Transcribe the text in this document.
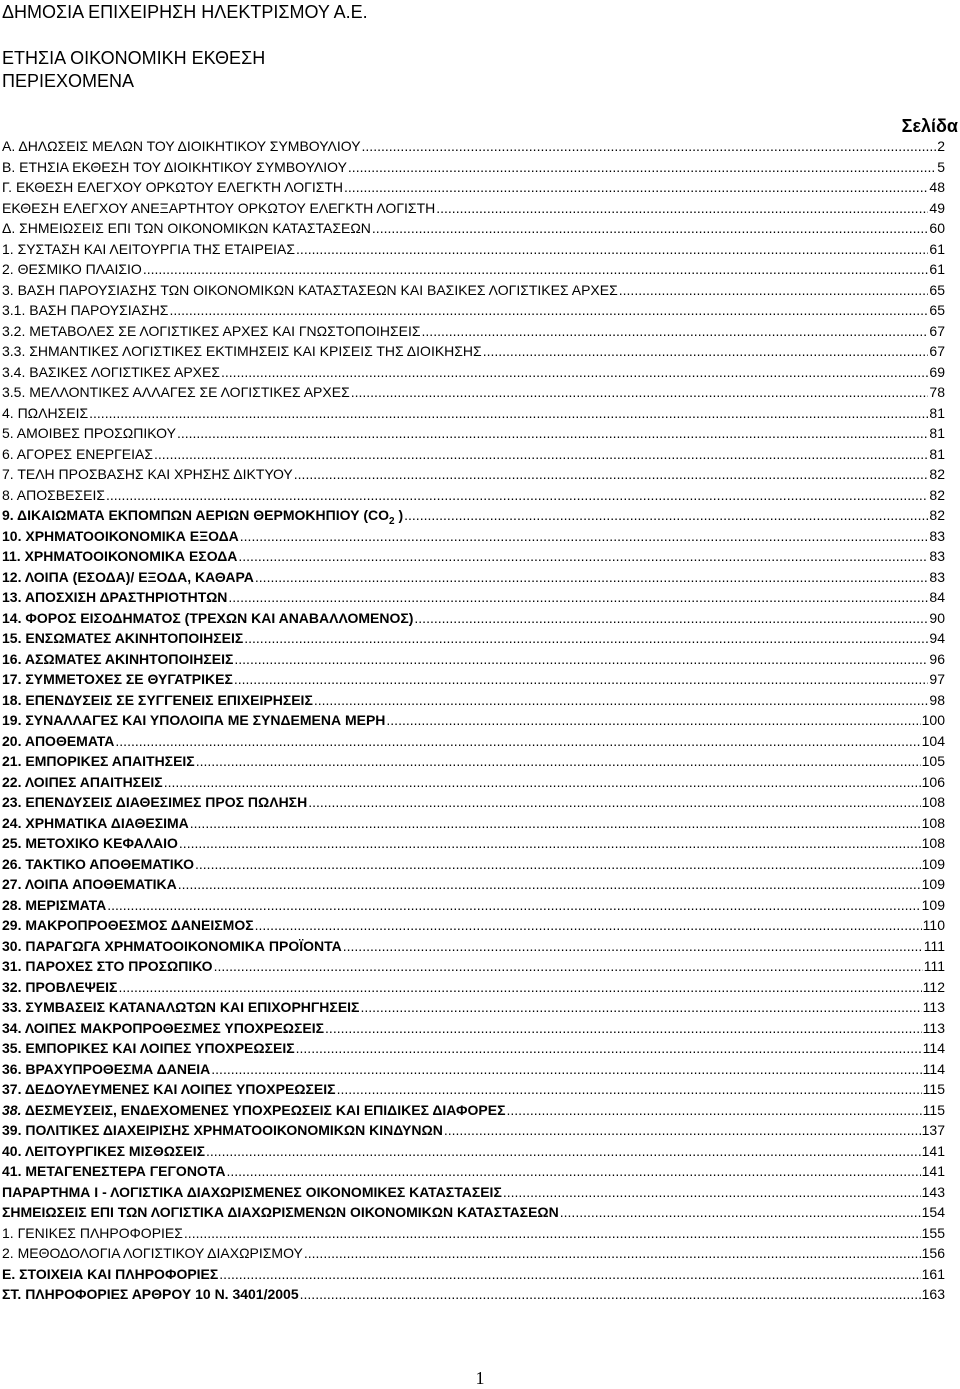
ΔΗΜΟΣΙΑ ΕΠΙΧΕΙΡΗΣΗ ΗΛΕΚΤΡΙΣΜΟΥ Α.Ε.
ΕΤΗΣΙΑ ΟΙΚΟΝΟΜΙΚΗ ΕΚΘΕΣΗ
ΠΕΡΙΕΧΟΜΕΝΑ
Σελίδα
Α. ΔΗΛΩΣΕΙΣ ΜΕΛΩΝ ΤΟΥ ΔΙΟΙΚΗΤΙΚΟΥ ΣΥΜΒΟΥΛΙΟΥ .....	2
Β. ΕΤΗΣΙΑ ΕΚΘΕΣΗ ΤΟΥ ΔΙΟΙΚΗΤΙΚΟΥ ΣΥΜΒΟΥΛΙΟΥ .....	5
Γ. ΕΚΘΕΣΗ ΕΛΕΓΧΟΥ ΟΡΚΩΤΟΥ ΕΛΕΓΚΤΗ ΛΟΓΙΣΤΗ .....	48
ΕΚΘΕΣΗ ΕΛΕΓΧΟΥ ΑΝΕΞΑΡΤΗΤΟΥ ΟΡΚΩΤΟΥ ΕΛΕΓΚΤΗ ΛΟΓΙΣΤΗ .....	49
Δ. ΣΗΜΕΙΩΣΕΙΣ ΕΠΙ ΤΩΝ ΟΙΚΟΝΟΜΙΚΩΝ ΚΑΤΑΣΤΑΣΕΩΝ .....	60
1. ΣΥΣΤΑΣΗ ΚΑΙ ΛΕΙΤΟΥΡΓΙΑ ΤΗΣ ΕΤΑΙΡΕΙΑΣ .....	61
2. ΘΕΣΜΙΚΟ ΠΛΑΙΣΙΟ .....	61
3. ΒΑΣΗ ΠΑΡΟΥΣΙΑΣΗΣ ΤΩΝ ΟΙΚΟΝΟΜΙΚΩΝ ΚΑΤΑΣΤΑΣΕΩΝ ΚΑΙ ΒΑΣΙΚΕΣ ΛΟΓΙΣΤΙΚΕΣ ΑΡΧΕΣ .....	65
3.1. ΒΑΣΗ ΠΑΡΟΥΣΙΑΣΗΣ .....	65
3.2. ΜΕΤΑΒΟΛΕΣ ΣΕ ΛΟΓΙΣΤΙΚΕΣ ΑΡΧΕΣ ΚΑΙ ΓΝΩΣΤΟΠΟΙΗΣΕΙΣ .....	67
3.3. ΣΗΜΑΝΤΙΚΕΣ ΛΟΓΙΣΤΙΚΕΣ ΕΚΤΙΜΗΣΕΙΣ ΚΑΙ ΚΡΙΣΕΙΣ ΤΗΣ ΔΙΟΙΚΗΣΗΣ .....	67
3.4. ΒΑΣΙΚΕΣ ΛΟΓΙΣΤΙΚΕΣ ΑΡΧΕΣ .....	69
3.5. ΜΕΛΛΟΝΤΙΚΕΣ ΑΛΛΑΓΕΣ ΣΕ ΛΟΓΙΣΤΙΚΕΣ ΑΡΧΕΣ .....	78
4. ΠΩΛΗΣΕΙΣ .....	81
5. ΑΜΟΙΒΕΣ ΠΡΟΣΩΠΙΚΟΥ .....	81
6. ΑΓΟΡΕΣ ΕΝΕΡΓΕΙΑΣ .....	81
7. ΤΕΛΗ ΠΡΟΣΒΑΣΗΣ ΚΑΙ ΧΡΗΣΗΣ ΔΙΚΤΥΟΥ .....	82
8. ΑΠΟΣΒΕΣΕΙΣ .....	82
9. ΔΙΚΑΙΩΜΑΤΑ ΕΚΠΟΜΠΩΝ ΑΕΡΙΩΝ ΘΕΡΜΟΚΗΠΙΟΥ ($CO_2$ ) .....	82
10. ΧΡΗΜΑΤΟΟΙΚΟΝΟΜΙΚΑ ΕΞΟΔΑ .....	83
11. ΧΡΗΜΑΤΟΟΙΚΟΝΟΜΙΚΑ ΕΣΟΔΑ .....	83
12. ΛΟΙΠΑ (ΕΣΟΔΑ)/ ΕΞΟΔΑ, ΚΑΘΑΡΑ .....	83
13. ΑΠΟΣΧΙΣΗ ΔΡΑΣΤΗΡΙΟΤΗΤΩΝ .....	84
14. ΦΟΡΟΣ ΕΙΣΟΔΗΜΑΤΟΣ (ΤΡΕΧΩΝ ΚΑΙ ΑΝΑΒΑΛΛΟΜΕΝΟΣ) .....	90
15. ΕΝΣΩΜΑΤΕΣ ΑΚΙΝΗΤΟΠΟΙΗΣΕΙΣ .....	94
16. ΑΣΩΜΑΤΕΣ ΑΚΙΝΗΤΟΠΟΙΗΣΕΙΣ .....	96
17. ΣΥΜΜΕΤΟΧΕΣ ΣΕ ΘΥΓΑΤΡΙΚΕΣ .....	97
18. ΕΠΕΝΔΥΣΕΙΣ ΣΕ ΣΥΓΓΕΝΕΙΣ ΕΠΙΧΕΙΡΗΣΕΙΣ .....	98
19. ΣΥΝΑΛΛΑΓΕΣ ΚΑΙ ΥΠΟΛΟΙΠΑ ΜΕ ΣΥΝΔΕΜΕΝΑ ΜΕΡΗ .....	100
20. ΑΠΟΘΕΜΑΤΑ .....	104
21. ΕΜΠΟΡΙΚΕΣ ΑΠΑΙΤΗΣΕΙΣ .....	105
22. ΛΟΙΠΕΣ ΑΠΑΙΤΗΣΕΙΣ .....	106
23. ΕΠΕΝΔΥΣΕΙΣ ΔΙΑΘΕΣΙΜΕΣ ΠΡΟΣ ΠΩΛΗΣΗ .....	108
24. ΧΡΗΜΑΤΙΚΑ ΔΙΑΘΕΣΙΜΑ .....	108
25. ΜΕΤΟΧΙΚΟ ΚΕΦΑΛΑΙΟ .....	108
26. ΤΑΚΤΙΚΟ ΑΠΟΘΕΜΑΤΙΚΟ .....	109
27. ΛΟΙΠΑ ΑΠΟΘΕΜΑΤΙΚΑ .....	109
28. ΜΕΡΙΣΜΑΤΑ .....	109
29. ΜΑΚΡΟΠΡΟΘΕΣΜΟΣ ΔΑΝΕΙΣΜΟΣ .....	110
30. ΠΑΡΑΓΩΓΑ ΧΡΗΜΑΤΟΟΙΚΟΝΟΜΙΚΑ ΠΡΟΪΟΝΤΑ .....	111
31. ΠΑΡΟΧΕΣ ΣΤΟ ΠΡΟΣΩΠΙΚΟ .....	111
32. ΠΡΟΒΛΕΨΕΙΣ .....	112
33. ΣΥΜΒΑΣΕΙΣ ΚΑΤΑΝΑΛΩΤΩΝ ΚΑΙ ΕΠΙΧΟΡΗΓΗΣΕΙΣ .....	113
34. ΛΟΙΠΕΣ ΜΑΚΡΟΠΡΟΘΕΣΜΕΣ ΥΠΟΧΡΕΩΣΕΙΣ .....	113
35. ΕΜΠΟΡΙΚΕΣ ΚΑΙ ΛΟΙΠΕΣ ΥΠΟΧΡΕΩΣΕΙΣ .....	114
36. ΒΡΑΧΥΠΡΟΘΕΣΜΑ ΔΑΝΕΙΑ .....	114
37. ΔΕΔΟΥΛΕΥΜΕΝΕΣ ΚΑΙ ΛΟΙΠΕΣ ΥΠΟΧΡΕΩΣΕΙΣ .....	115
38. ΔΕΣΜΕΥΣΕΙΣ, ΕΝΔΕΧΟΜΕΝΕΣ ΥΠΟΧΡΕΩΣΕΙΣ ΚΑΙ ΕΠΙΔΙΚΕΣ ΔΙΑΦΟΡΕΣ .....	115
39. ΠΟΛΙΤΙΚΕΣ ΔΙΑΧΕΙΡΙΣΗΣ ΧΡΗΜΑΤΟΟΙΚΟΝΟΜΙΚΩΝ ΚΙΝΔΥΝΩΝ .....	137
40. ΛΕΙΤΟΥΡΓΙΚΕΣ ΜΙΣΘΩΣΕΙΣ .....	141
41. ΜΕΤΑΓΕΝΕΣΤΕΡΑ ΓΕΓΟΝΟΤΑ .....	141
ΠΑΡΑΡΤΗΜΑ Ι - ΛΟΓΙΣΤΙΚΑ ΔΙΑΧΩΡΙΣΜΕΝΕΣ ΟΙΚΟΝΟΜΙΚΕΣ ΚΑΤΑΣΤΑΣΕΙΣ .....	143
ΣΗΜΕΙΩΣΕΙΣ ΕΠΙ ΤΩΝ ΛΟΓΙΣΤΙΚΑ ΔΙΑΧΩΡΙΣΜΕΝΩΝ ΟΙΚΟΝΟΜΙΚΩΝ ΚΑΤΑΣΤΑΣΕΩΝ .....	154
1. ΓΕΝΙΚΕΣ ΠΛΗΡΟΦΟΡΙΕΣ .....	155
2. ΜΕΘΟΔΟΛΟΓΙΑ ΛΟΓΙΣΤΙΚΟΥ ΔΙΑΧΩΡΙΣΜΟΥ .....	156
Ε. ΣΤΟΙΧΕΙΑ ΚΑΙ ΠΛΗΡΟΦΟΡΙΕΣ .....	161
ΣΤ. ΠΛΗΡΟΦΟΡΙΕΣ ΑΡΘΡΟΥ 10 Ν. 3401/2005 .....	163
1
